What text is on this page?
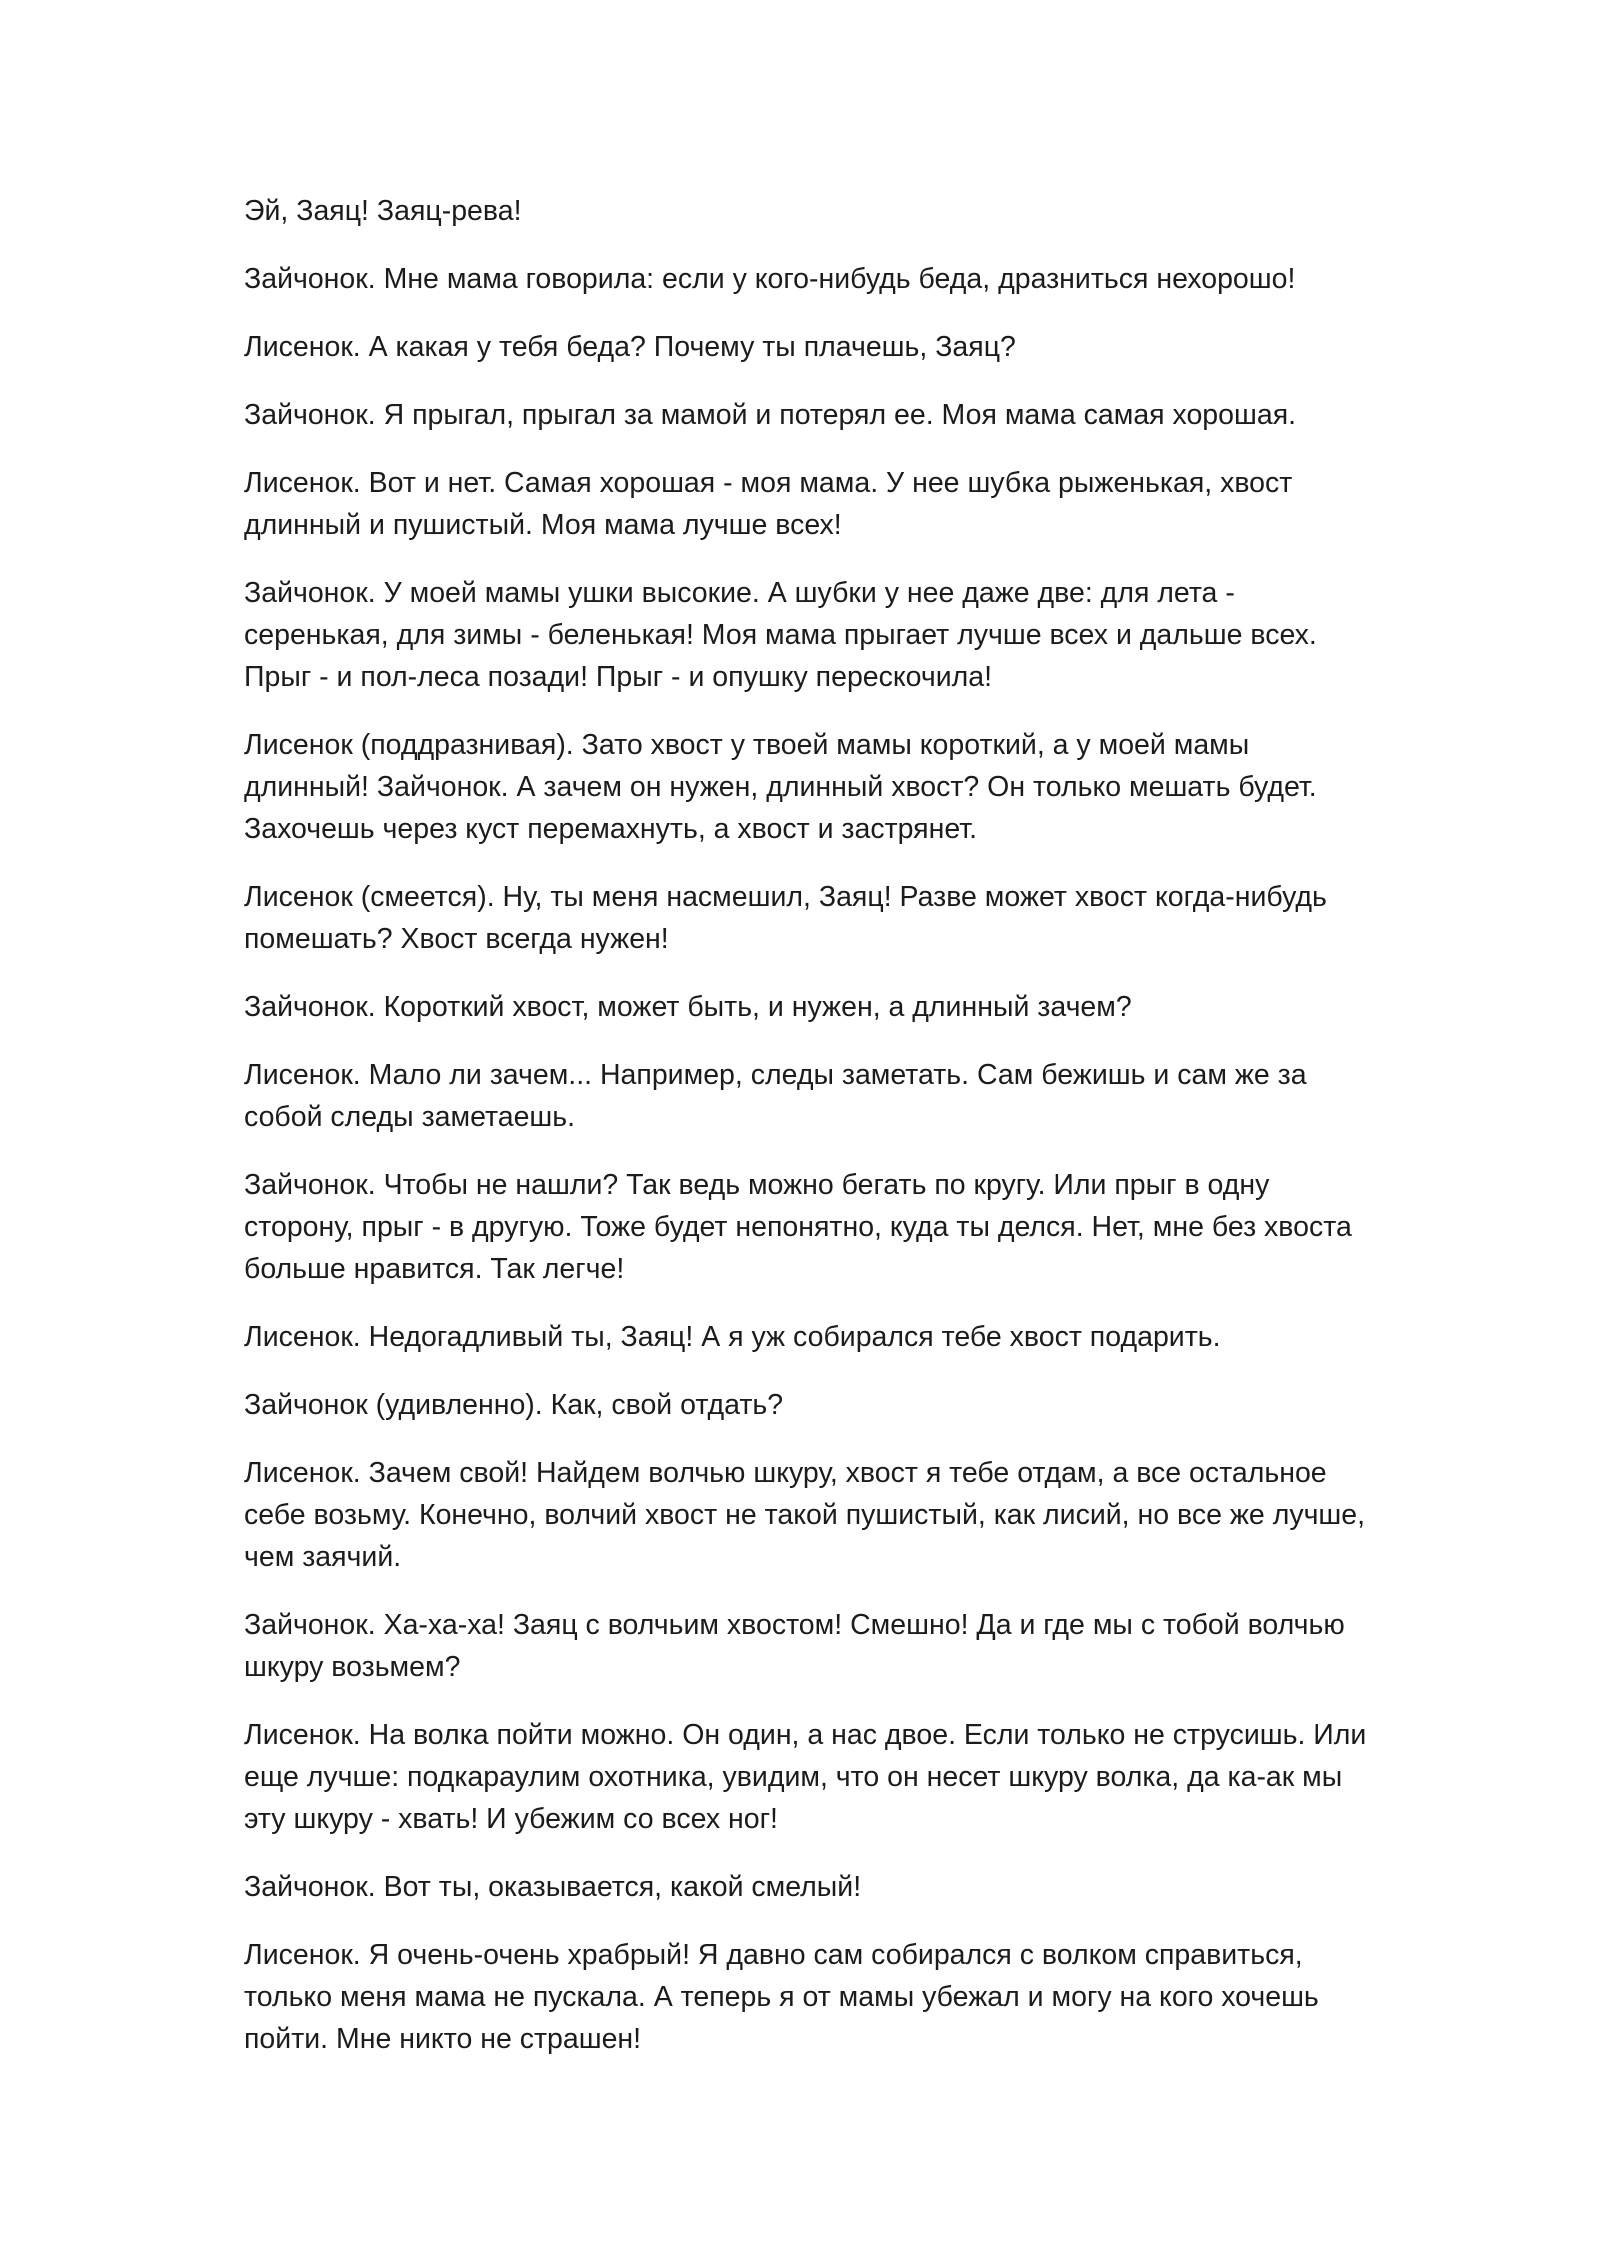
Эй, Заяц! Заяц-рева!

Зайчонок. Мне мама говорила: если у кого-нибудь беда, дразниться нехорошо!

Лисенок. А какая у тебя беда? Почему ты плачешь, Заяц?

Зайчонок. Я прыгал, прыгал за мамой и потерял ее. Моя мама самая хорошая.

Лисенок. Вот и нет. Самая хорошая - моя мама. У нее шубка рыженькая, хвост длинный и пушистый. Моя мама лучше всех!

Зайчонок. У моей мамы ушки высокие. А шубки у нее даже две: для лета - серенькая, для зимы - беленькая! Моя мама прыгает лучше всех и дальше всех. Прыг - и пол-леса позади! Прыг - и опушку перескочила!

Лисенок (поддразнивая). Зато хвост у твоей мамы короткий, а у моей мамы длинный! Зайчонок. А зачем он нужен, длинный хвост? Он только мешать будет. Захочешь через куст перемахнуть, а хвост и застрянет.

Лисенок (смеется). Ну, ты меня насмешил, Заяц! Разве может хвост когда-нибудь помешать? Хвост всегда нужен!

Зайчонок. Короткий хвост, может быть, и нужен, а длинный зачем?

Лисенок. Мало ли зачем... Например, следы заметать. Сам бежишь и сам же за собой следы заметаешь.

Зайчонок. Чтобы не нашли? Так ведь можно бегать по кругу. Или прыг в одну сторону, прыг - в другую. Тоже будет непонятно, куда ты делся. Нет, мне без хвоста больше нравится. Так легче!

Лисенок. Недогадливый ты, Заяц! А я уж собирался тебе хвост подарить.

Зайчонок (удивленно). Как, свой отдать?

Лисенок. Зачем свой! Найдем волчью шкуру, хвост я тебе отдам, а все остальное себе возьму. Конечно, волчий хвост не такой пушистый, как лисий, но все же лучше, чем заячий.

Зайчонок. Ха-ха-ха! Заяц с волчьим хвостом! Смешно! Да и где мы с тобой волчью шкуру возьмем?

Лисенок. На волка пойти можно. Он один, а нас двое. Если только не струсишь. Или еще лучше: подкараулим охотника, увидим, что он несет шкуру волка, да ка-ак мы эту шкуру - хвать! И убежим со всех ног!

Зайчонок. Вот ты, оказывается, какой смелый!

Лисенок. Я очень-очень храбрый! Я давно сам собирался с волком справиться, только меня мама не пускала. А теперь я от мамы убежал и могу на кого хочешь пойти. Мне никто не страшен!
